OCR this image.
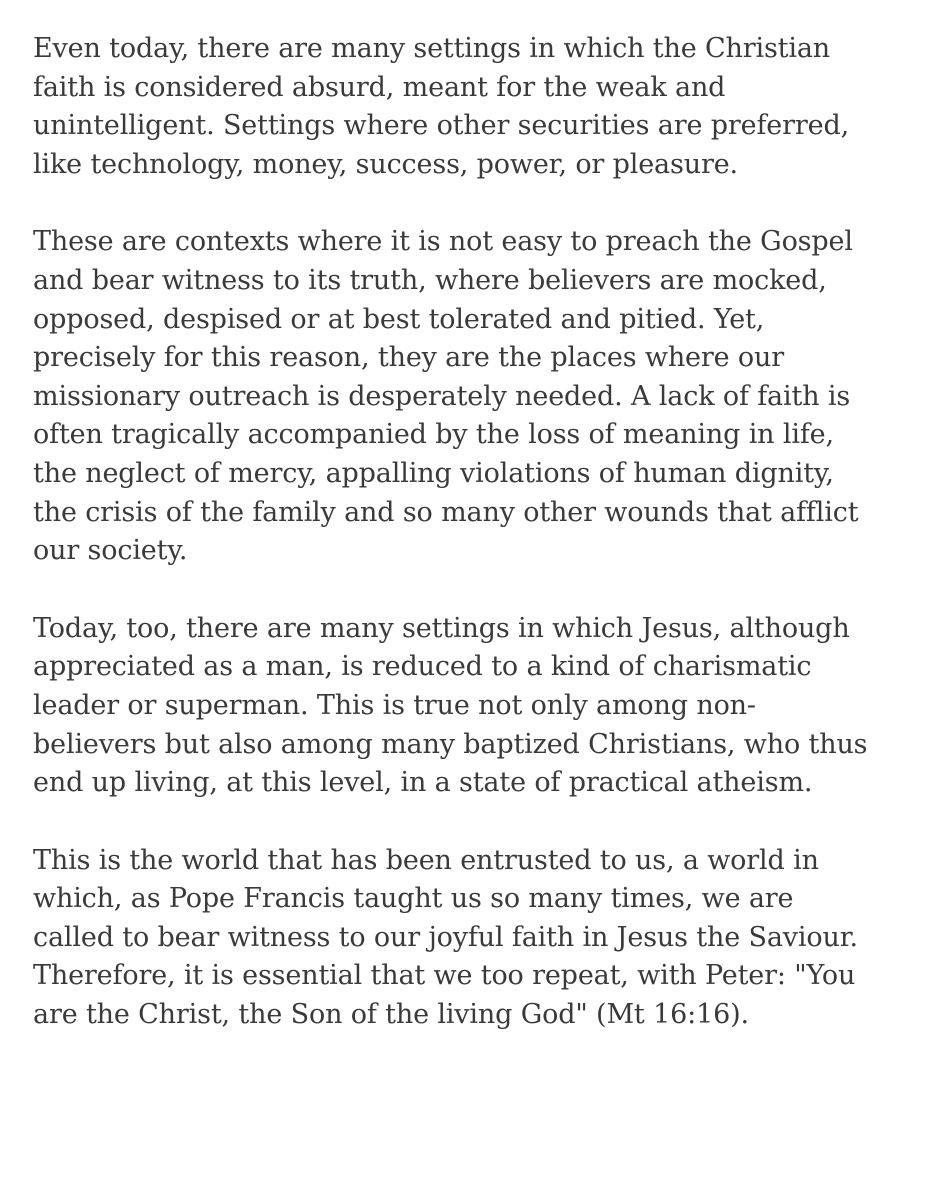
Even today, there are many settings in which the Christian
faith is considered absurd, meant for the weak and
unintelligent. Settings where other securities are preferred,
like technology, money, success, power, or pleasure.

These are contexts where it is not easy to preach the Gospel
and bear witness to its truth, where believers are mocked,
opposed, despised or at best tolerated and pitied. Yet,
precisely for this reason, they are the places where our
missionary outreach is desperately needed. A lack of faith is
often tragically accompanied by the loss of meaning in life,
the neglect of mercy, appalling violations of human dignity,
the crisis of the family and so many other wounds that afflict
our society.

Today, too, there are many settings in which Jesus, although
appreciated as a man, is reduced to a kind of charismatic
leader or superman. This is true not only among non-
believers but also among many baptized Christians, who thus
end up living, at this level, in a state of practical atheism.

This is the world that has been entrusted to us, a world in
which, as Pope Francis taught us so many times, we are
called to bear witness to our joyful faith in Jesus the Saviour.
Therefore, it is essential that we too repeat, with Peter: "You
are the Christ, the Son of the living God" (Mt 16:16).
